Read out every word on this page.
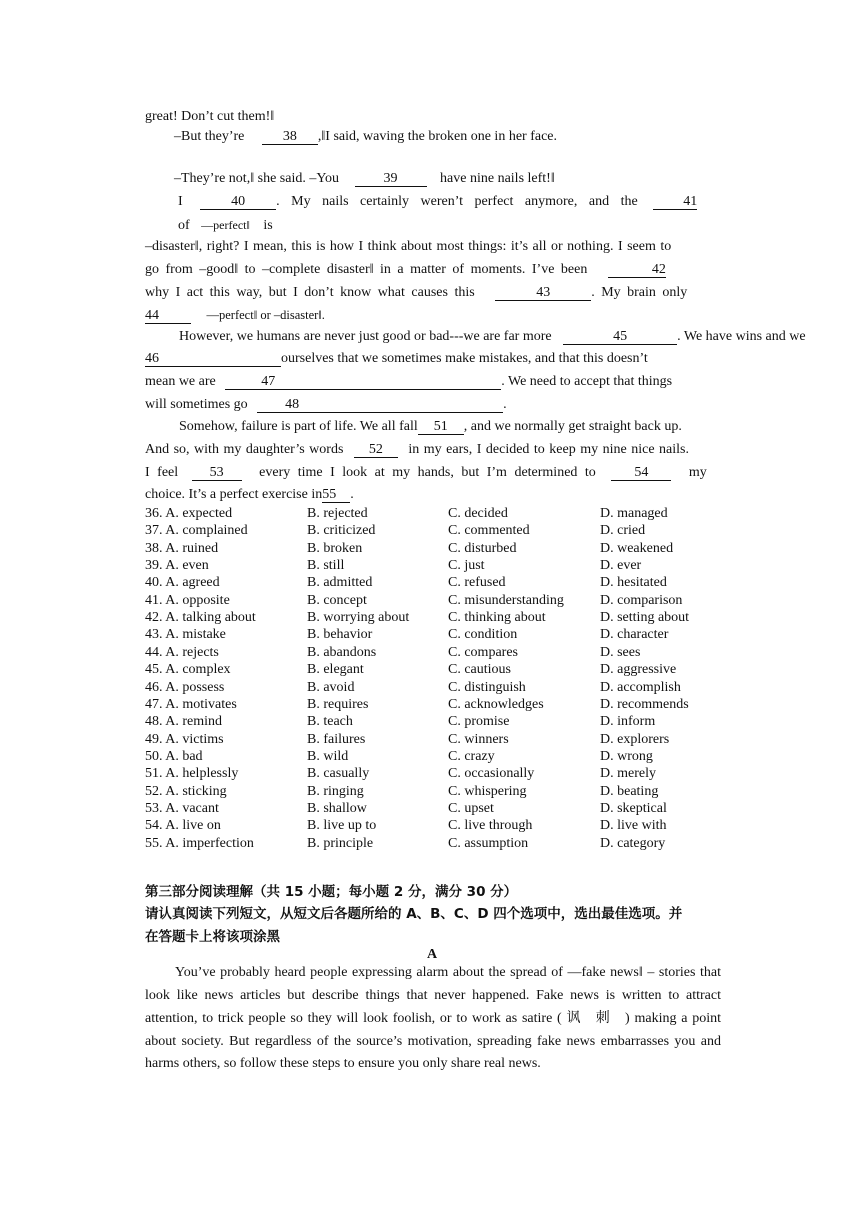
great! Don’t cut them!‖
–But they’re	38 ,‖I said, waving the broken one in her face.
–They’re not,‖ she said. –You	39	have nine nails left!‖
I	40 . My nails certainly weren’t perfect anymore, and the	41
of ―perfect‖ is
–disaster‖, right? I mean, this is how I think about most things: it’s all or nothing. I seem to
go from –good‖ to –complete disaster‖ in a matter of moments. I’ve been	42
why I act this way, but I don’t know what causes this	43	. My brain only
44	―perfect‖ or –disaster‖.
However, we humans are never just good or bad---we are far more	45	. We have wins and we
46	ourselves that we sometimes make mistakes, and that this doesn’t
mean we are	47	. We need to accept that things
will sometimes go	48	.
Somehow, failure is part of life. We all fall 51 , and we normally get straight back up.
And so, with my daughter’s words 52 in my ears, I decided to keep my nine nice nails.
I feel 53	every time I look at my hands, but I’m determined to	54	my
choice. It’s a perfect exercise in55 .
36. A. expected	B. rejected	C. decided	D. managed
37. A. complained	B. criticized	C. commented	D. cried
38. A. ruined	B. broken	C. disturbed	D. weakened
39. A. even	B. still	C. just	D. ever
40. A. agreed	B. admitted	C. refused	D. hesitated
41. A. opposite	B. concept	C. misunderstanding	D. comparison
42. A. talking about	B. worrying about	C. thinking about	D. setting about
43. A. mistake	B. behavior	C. condition	D. character
44. A. rejects	B. abandons	C. compares	D. sees
45. A. complex	B. elegant	C. cautious	D. aggressive
46. A. possess	B. avoid	C. distinguish	D. accomplish
47. A. motivates	B. requires	C. acknowledges	D. recommends
48. A. remind	B. teach	C. promise	D. inform
49. A. victims	B. failures	C. winners	D. explorers
50. A. bad	B. wild	C. crazy	D. wrong
51. A. helplessly	B. casually	C. occasionally	D. merely
52. A. sticking	B. ringing	C. whispering	D. beating
53. A. vacant	B. shallow	C. upset	D. skeptical
54. A. live on	B. live up to	C. live through	D. live with
55. A. imperfection	B. principle	C. assumption	D. category
第三部分阅读理解（共 15 小题；每小题 2 分，满分 30 分）
请认真阅读下列短文，从短文后各题所给的 A、B、C、D 四个选项中，选出最佳选项。并
在答题卡上将该项涂黑
A
You’ve probably heard people expressing alarm about the spread of ―fake news‖ – stories that look like news articles but describe things that never happened. Fake news is written to attract attention, to trick people so they will look foolish, or to work as satire ( 讽刺) making a point about society. But regardless of the source’s motivation, spreading fake news embarrasses you and harms others, so follow these steps to ensure you only share real news.
